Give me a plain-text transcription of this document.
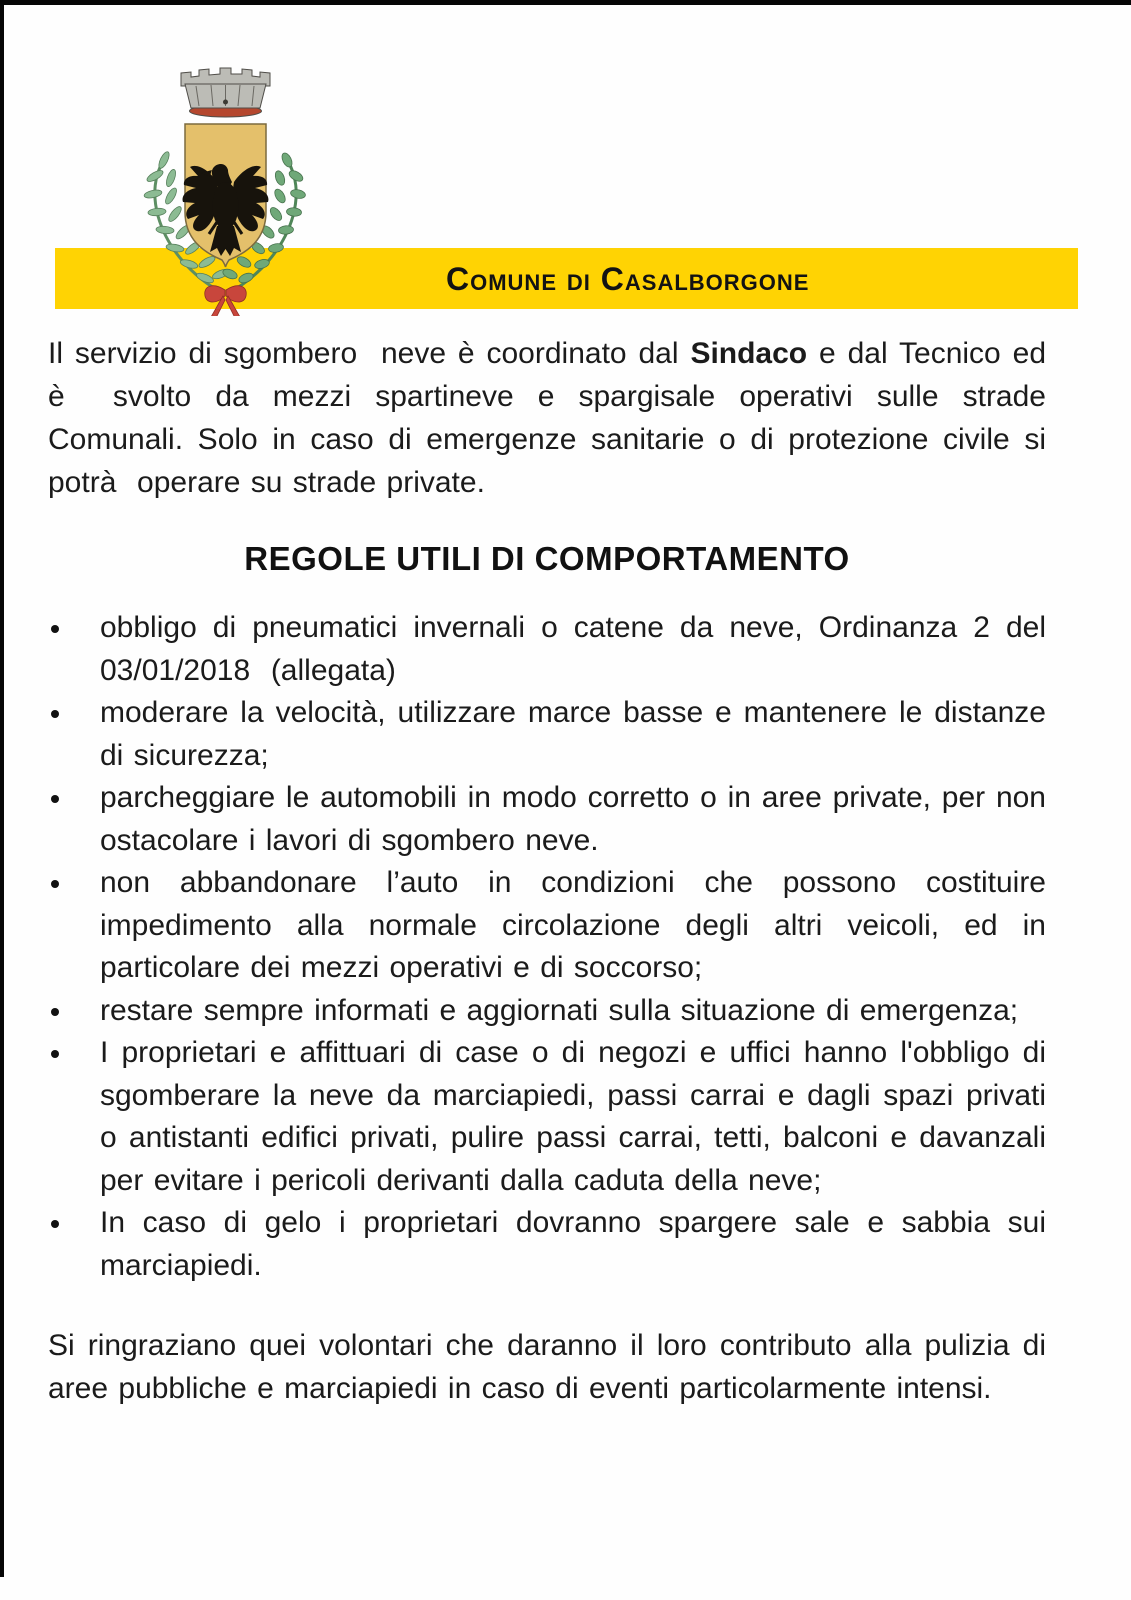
Comune di Casalborgone

Il servizio di sgombero  neve è coordinato dal Sindaco e dal Tecnico ed è  svolto da mezzi spartineve e spargisale operativi sulle strade Comunali. Solo in caso di emergenze sanitarie o di protezione civile si potrà  operare su strade private.

REGOLE UTILI DI COMPORTAMENTO
obbligo di pneumatici invernali o catene da neve, Ordinanza 2 del 03/01/2018  (allegata)
moderare la velocità, utilizzare marce basse e mantenere le distanze di sicurezza;
parcheggiare le automobili in modo corretto o in aree private, per non ostacolare i lavori di sgombero neve.
non abbandonare l’auto in condizioni che possono costituire impedimento alla normale circolazione degli altri veicoli, ed in particolare dei mezzi operativi e di soccorso;
restare sempre informati e aggiornati sulla situazione di emergenza;
I proprietari e affittuari di case o di negozi e uffici hanno l'obbligo di sgomberare la neve da marciapiedi, passi carrai e dagli spazi privati o antistanti edifici privati, pulire passi carrai, tetti, balconi e davanzali per evitare i pericoli derivanti dalla caduta della neve;
In caso di gelo i proprietari dovranno spargere sale e sabbia sui marciapiedi.

Si ringraziano quei volontari che daranno il loro contributo alla pulizia di aree pubbliche e marciapiedi in caso di eventi particolarmente intensi.
